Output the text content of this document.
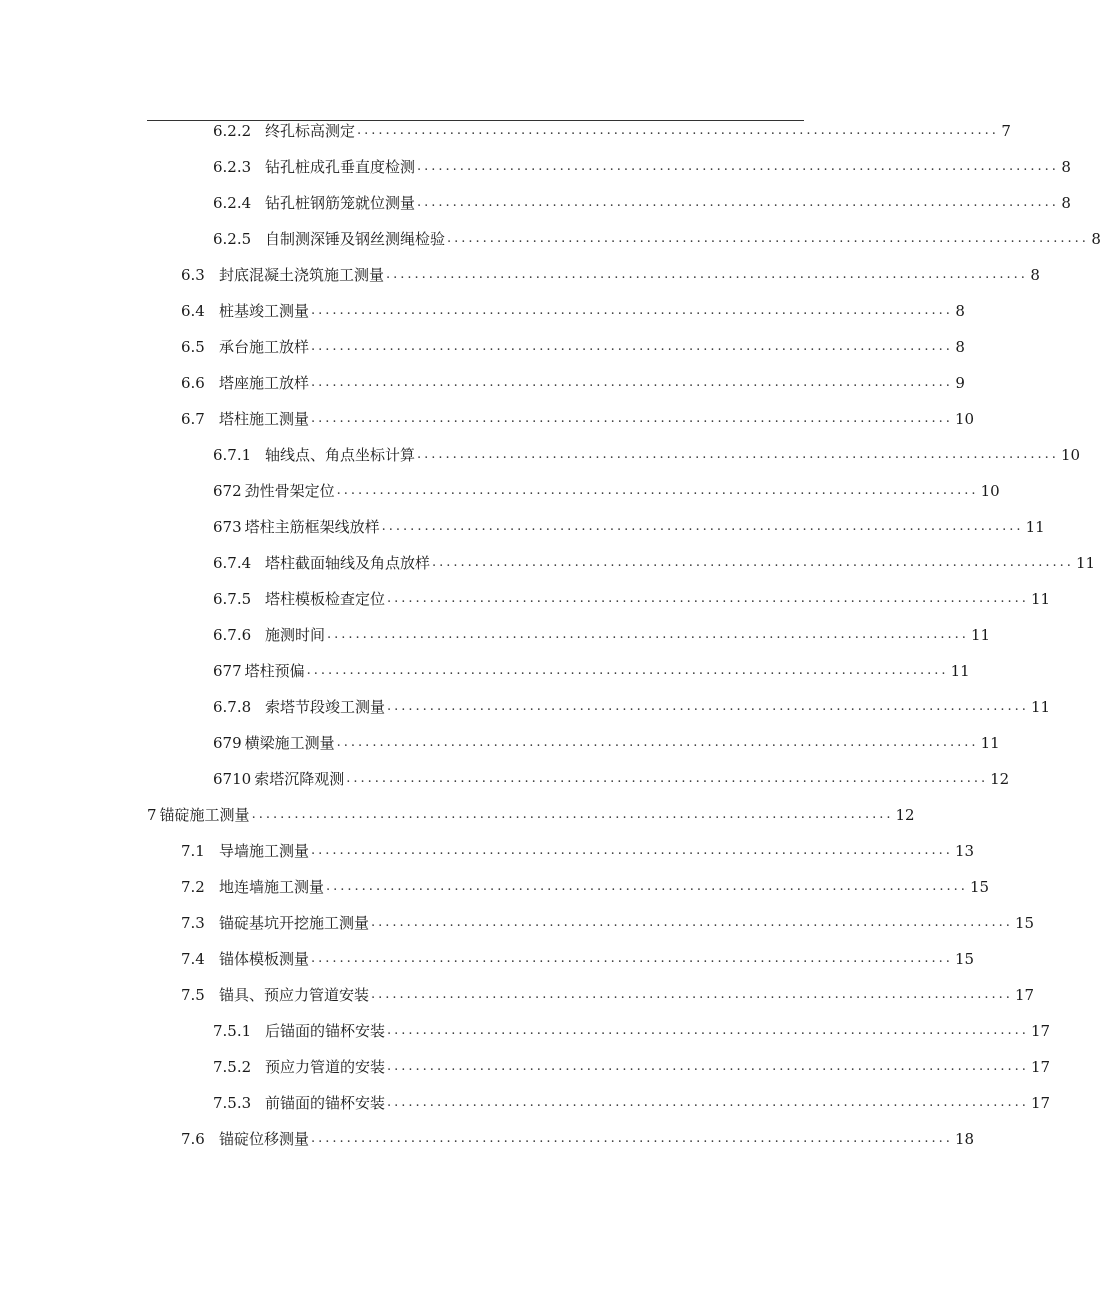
6.2.2 终孔标高测定 .......................................................................................... 7
6.2.3 钻孔桩成孔垂直度检测 .......................................................................................... 8
6.2.4 钻孔桩钢筋笼就位测量 .......................................................................................... 8
6.2.5 自制测深锤及钢丝测绳检验 .......................................................................................... 8
6.3 封底混凝土浇筑施工测量 .......................................................................................... 8
6.4 桩基竣工测量 .......................................................................................... 8
6.5 承台施工放样 .......................................................................................... 8
6.6 塔座施工放样 .......................................................................................... 9
6.7 塔柱施工测量 .......................................................................................... 10
6.7.1 轴线点、角点坐标计算 .......................................................................................... 10
672 劲性骨架定位 .......................................................................................... 10
673 塔柱主筋框架线放样 .......................................................................................... 11
6.7.4 塔柱截面轴线及角点放样 .......................................................................................... 11
6.7.5 塔柱模板检查定位 .......................................................................................... 11
6.7.6 施测时间 .......................................................................................... 11
677 塔柱预偏 .......................................................................................... 11
6.7.8 索塔节段竣工测量 .......................................................................................... 11
679 横梁施工测量 .......................................................................................... 11
6710 索塔沉降观测 .......................................................................................... 12
7 锚碇施工测量 .......................................................................................... 12
7.1 导墙施工测量 .......................................................................................... 13
7.2 地连墙施工测量 .......................................................................................... 15
7.3 锚碇基坑开挖施工测量 .......................................................................................... 15
7.4 锚体模板测量 .......................................................................................... 15
7.5 锚具、预应力管道安装 .......................................................................................... 17
7.5.1 后锚面的锚杯安装 .......................................................................................... 17
7.5.2 预应力管道的安装 .......................................................................................... 17
7.5.3 前锚面的锚杯安装 .......................................................................................... 17
7.6 锚碇位移测量 .......................................................................................... 18
